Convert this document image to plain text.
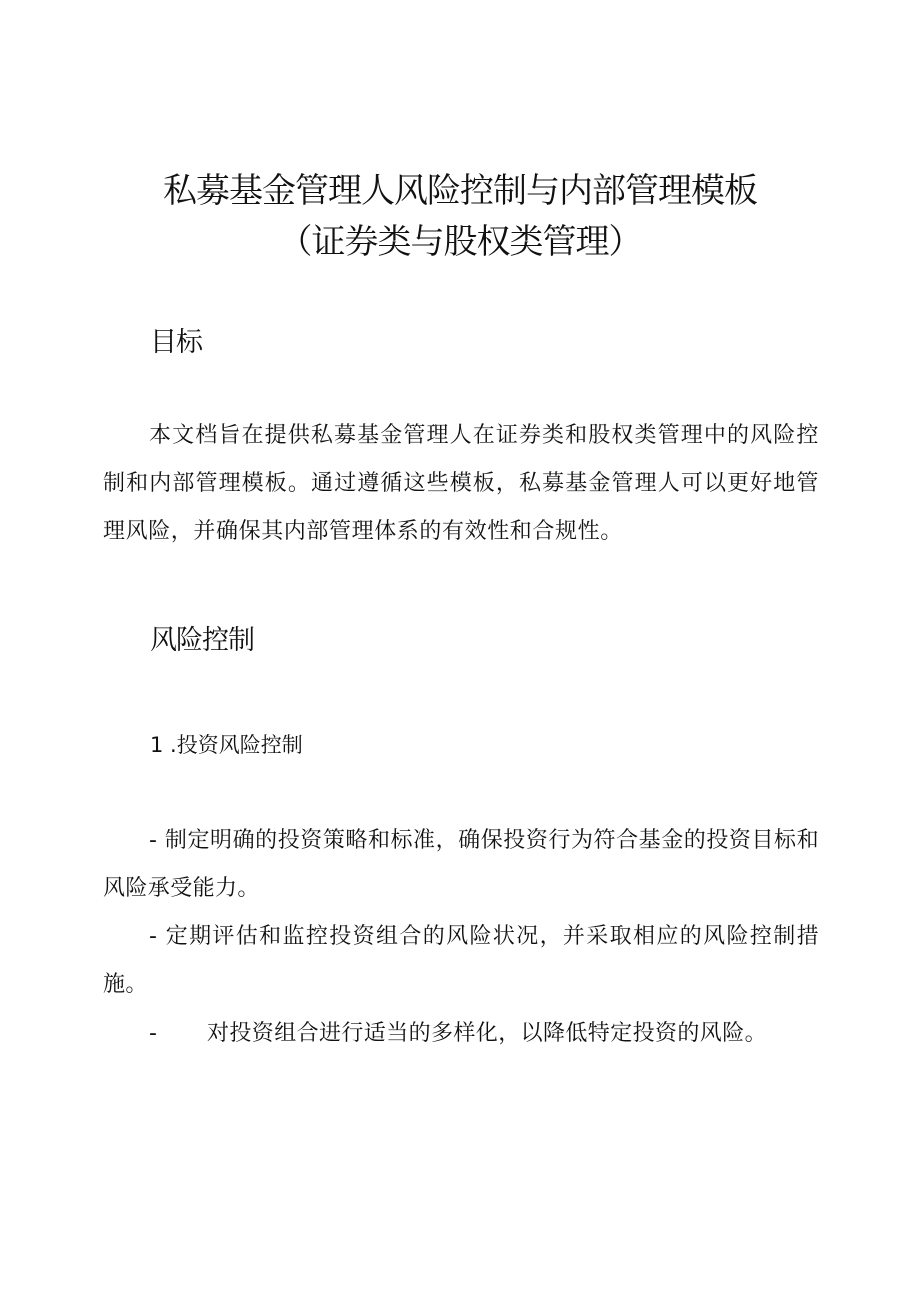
私募基金管理人风险控制与内部管理模板
（证券类与股权类管理）
目标

本文档旨在提供私募基金管理人在证券类和股权类管理中的风险控制和内部管理模板。通过遵循这些模板，私募基金管理人可以更好地管理风险，并确保其内部管理体系的有效性和合规性。

风险控制

1 .投资风险控制

- 制定明确的投资策略和标准，确保投资行为符合基金的投资目标和风险承受能力。

- 定期评估和监控投资组合的风险状况，并采取相应的风险控制措施。

- 对投资组合进行适当的多样化，以降低特定投资的风险。
